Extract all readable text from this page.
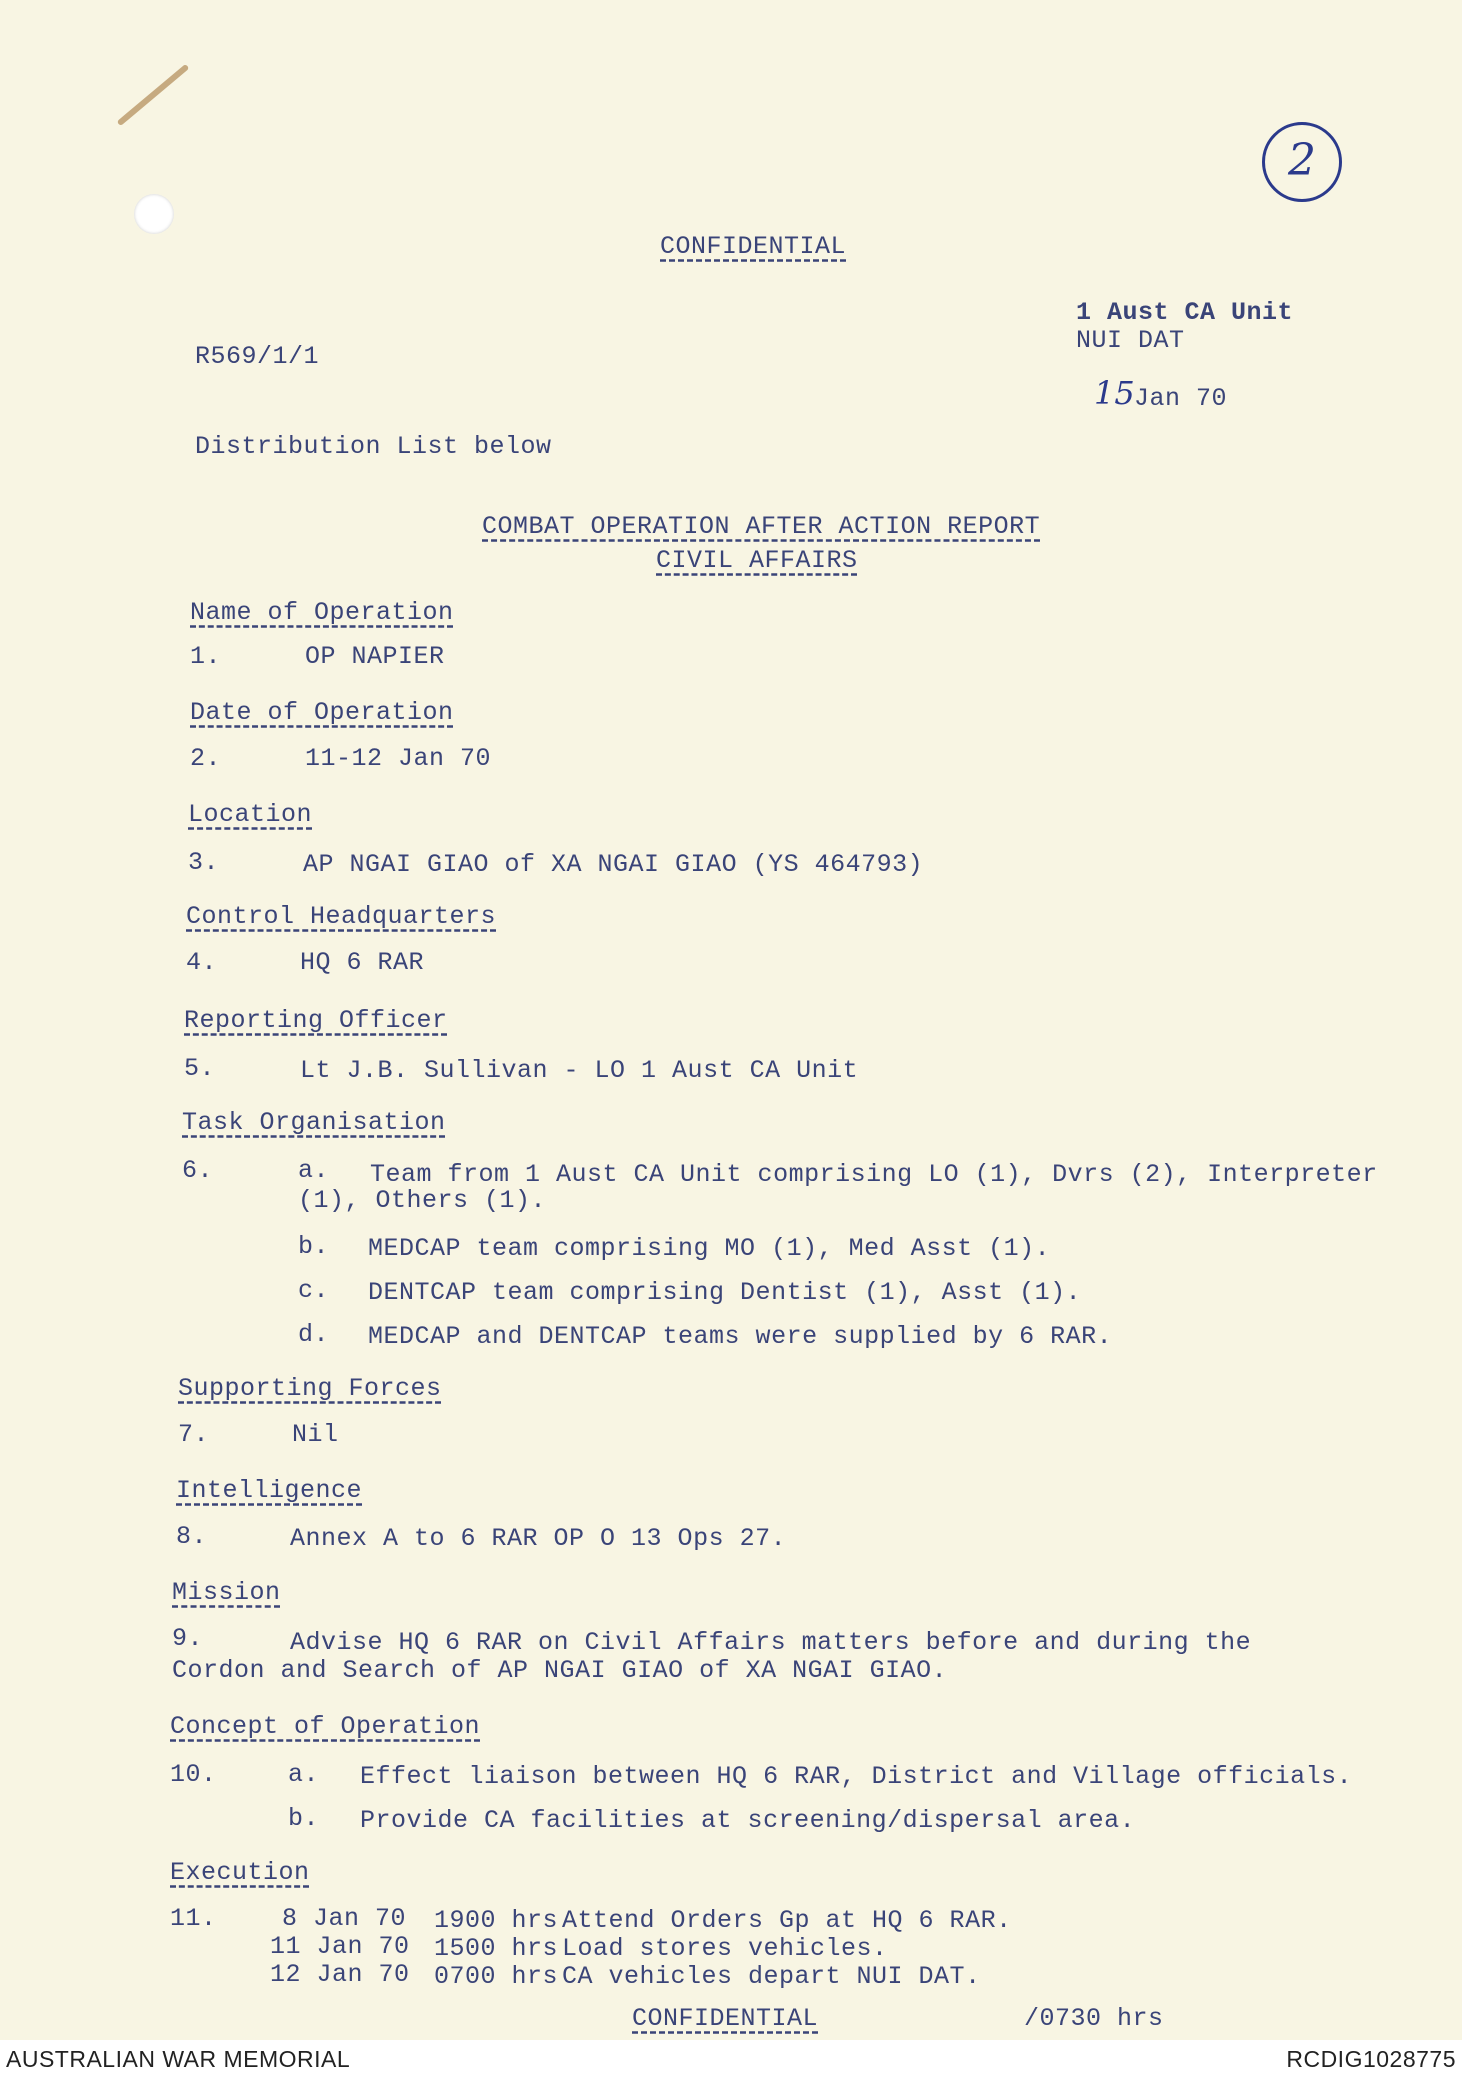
2
CONFIDENTIAL
1 Aust CA Unit
NUI DAT
15 Jan 70
R569/1/1
Distribution List below
COMBAT OPERATION AFTER ACTION REPORT
CIVIL AFFAIRS
Name of Operation
1.	OP NAPIER
Date of Operation
2.	11-12 Jan 70
Location
3.	AP NGAI GIAO of XA NGAI GIAO (YS 464793)
Control Headquarters
4.	HQ 6 RAR
Reporting Officer
5.	Lt J.B. Sullivan - LO 1 Aust CA Unit
Task Organisation
6.	a. Team from 1 Aust CA Unit comprising LO (1), Dvrs (2), Interpreter
(1), Others (1).
b. MEDCAP team comprising MO (1), Med Asst (1).
c. DENTCAP team comprising Dentist (1), Asst (1).
d. MEDCAP and DENTCAP teams were supplied by 6 RAR.
Supporting Forces
7.	Nil
Intelligence
8.	Annex A to 6 RAR OP O 13 Ops 27.
Mission
9.	Advise HQ 6 RAR on Civil Affairs matters before and during the
Cordon and Search of AP NGAI GIAO of XA NGAI GIAO.
Concept of Operation
10.	a. Effect liaison between HQ 6 RAR, District and Village officials.
b. Provide CA facilities at screening/dispersal area.
Execution
11.	8 Jan 70 1900 hrs Attend Orders Gp at HQ 6 RAR.
11 Jan 70 1500 hrs Load stores vehicles.
12 Jan 70 0700 hrs CA vehicles depart NUI DAT.
CONFIDENTIAL	/0730 hrs
AUSTRALIAN WAR MEMORIAL	RCDIG1028775
